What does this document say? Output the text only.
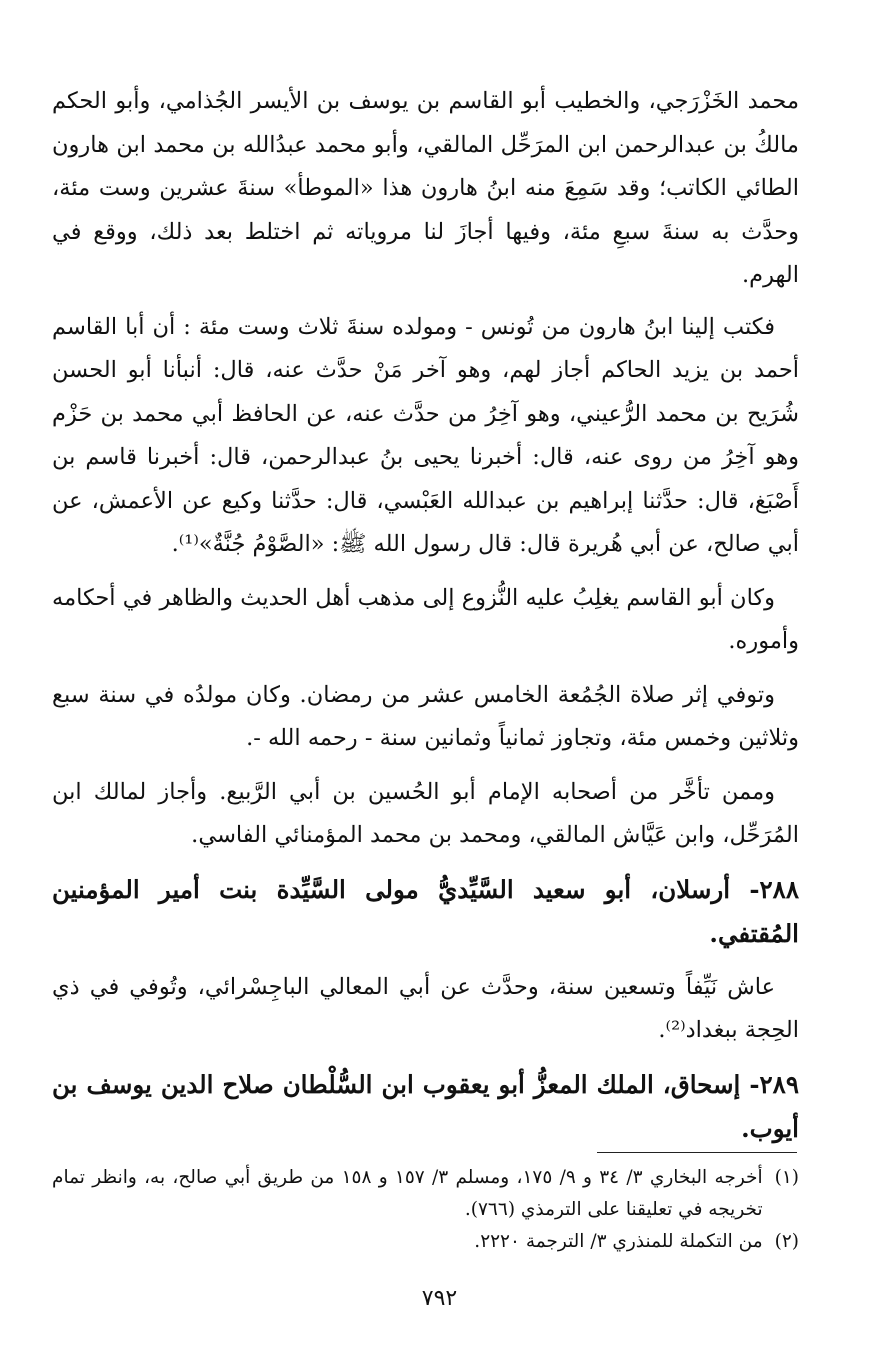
محمد الخَزْرَجي، والخطيب أبو القاسم بن يوسف بن الأيسر الجُذامي، وأبو الحكم مالكُ بن عبدالرحمن ابن المرَحِّل المالقي، وأبو محمد عبدُالله بن محمد ابن هارون الطائي الكاتب؛ وقد سَمِعَ منه ابنُ هارون هذا «الموطأ» سنةَ عشرين وست مئة، وحدَّث به سنةَ سبعِ مئة، وفيها أجازَ لنا مروياته ثم اختلط بعد ذلك، ووقع في الهرم.

فكتب إلينا ابنُ هارون من تُونس - ومولده سنةَ ثلاث وست مئة : أن أبا القاسم أحمد بن يزيد الحاكم أجاز لهم، وهو آخر مَنْ حدَّث عنه، قال: أنبأنا أبو الحسن شُرَيح بن محمد الرُّعيني، وهو آخِرُ من حدَّث عنه، عن الحافظ أبي محمد بن حَزْم وهو آخِرُ من روى عنه، قال: أخبرنا يحيى بنُ عبدالرحمن، قال: أخبرنا قاسم بن أَصْبَغ، قال: حدَّثنا إبراهيم بن عبدالله العَبْسي، قال: حدَّثنا وكيع عن الأعمش، عن أبي صالح، عن أبي هُريرة قال: قال رسول الله ﷺ: «الصَّوْمُ جُنَّةٌ»⁽¹⁾.

وكان أبو القاسم يغلِبُ عليه النُّزوع إلى مذهب أهل الحديث والظاهر في أحكامه وأموره.

وتوفي إثر صلاة الجُمُعة الخامس عشر من رمضان. وكان مولدُه في سنة سبع وثلاثين وخمس مئة، وتجاوز ثمانياً وثمانين سنة - رحمه الله -.

وممن تأخَّر من أصحابه الإمام أبو الحُسين بن أبي الرَّبيع. وأجاز لمالك ابن المُرَحِّل، وابن عَيَّاش المالقي، ومحمد بن محمد المؤمنائي الفاسي.

٢٨٨- أرسلان، أبو سعيد السَّيِّديُّ مولى السَّيِّدة بنت أمير المؤمنين المُقتفي.

عاش نَيِّفاً وتسعين سنة، وحدَّث عن أبي المعالي الباجِسْرائي، وتُوفي في ذي الحِجة ببغداد⁽²⁾.

٢٨٩- إسحاق، الملك المعزُّ أبو يعقوب ابن السُّلْطان صلاح الدين يوسف بن أيوب.

(١)
أخرجه البخاري ٣/ ٣٤ و ٩/ ١٧٥، ومسلم ٣/ ١٥٧ و ١٥٨ من طريق أبي صالح، به، وانظر تمام تخريجه في تعليقنا على الترمذي (٧٦٦).
(٢)
من التكملة للمنذري ٣/ الترجمة ٢٢٢٠.
٧٩٢
